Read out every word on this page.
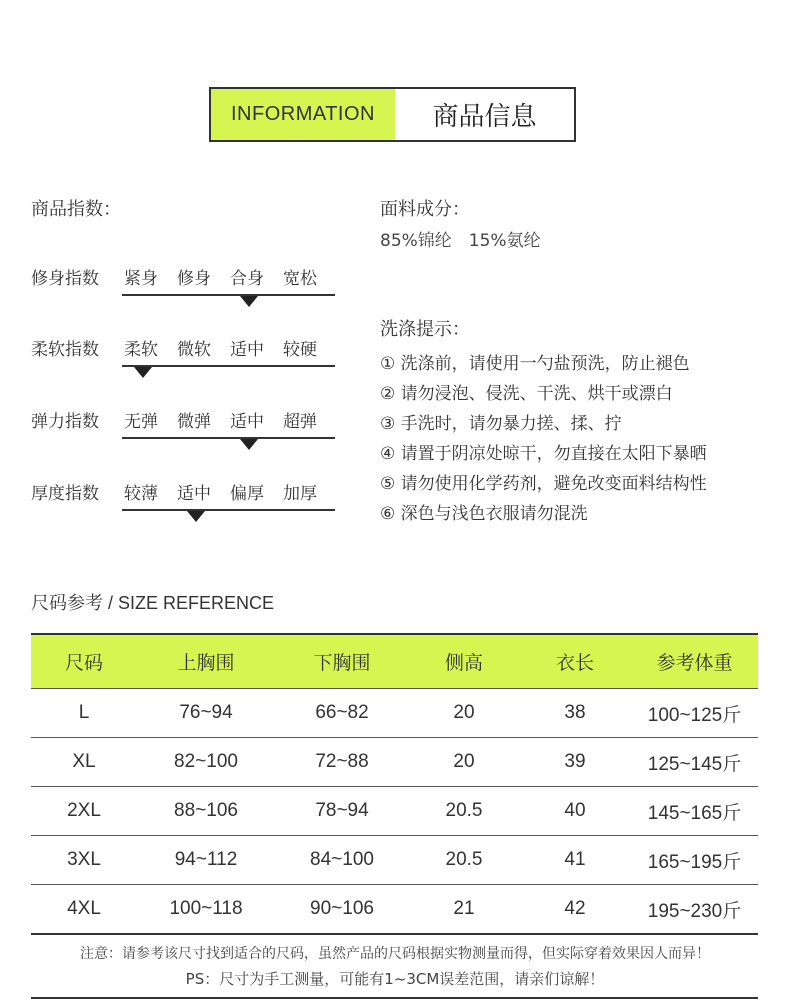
INFORMATION	商品信息
商品指数：
修身指数 紧身	修身	合身	宽松
柔软指数 柔软	微软	适中	较硬
弹力指数 无弹	微弹	适中	超弹
厚度指数 较薄	适中	偏厚	加厚
面料成分：
85%锦纶　15%氨纶
洗涤提示：
① 洗涤前，请使用一勺盐预洗，防止褪色
② 请勿浸泡、侵洗、干洗、烘干或漂白
③ 手洗时，请勿暴力搓、揉、拧
④ 请置于阴凉处晾干，勿直接在太阳下暴晒
⑤ 请勿使用化学药剂，避免改变面料结构性
⑥ 深色与浅色衣服请勿混洗
尺码参考 / SIZE REFERENCE
尺码	上胸围	下胸围	侧高	衣长	参考体重
L	76~94	66~82	20	38	100~125斤
XL	82~100	72~88	20	39	125~145斤
2XL	88~106	78~94	20.5	40	145~165斤
3XL	94~112	84~100	20.5	41	165~195斤
4XL	100~118	90~106	21	42	195~230斤
注意：请参考该尺寸找到适合的尺码，虽然产品的尺码根据实物测量而得，但实际穿着效果因人而异！
PS：尺寸为手工测量，可能有1~3CM误差范围，请亲们谅解！
